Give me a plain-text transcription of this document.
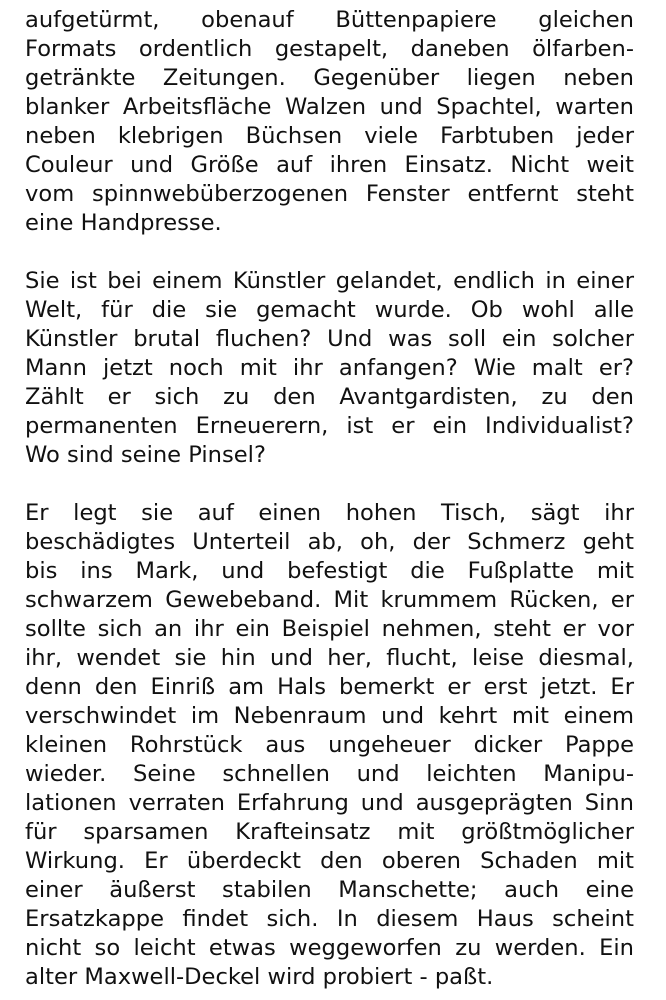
aufgetürmt, obenauf Büttenpapiere gleichen
Formats ordentlich gestapelt, daneben ölfarben-
getränkte Zeitungen. Gegenüber liegen neben
blanker Arbeitsfläche Walzen und Spachtel, warten
neben klebrigen Büchsen viele Farbtuben jeder
Couleur und Größe auf ihren Einsatz. Nicht weit
vom spinnwebüberzogenen Fenster entfernt steht
eine Handpresse.
Sie ist bei einem Künstler gelandet, endlich in einer
Welt, für die sie gemacht wurde. Ob wohl alle
Künstler brutal fluchen? Und was soll ein solcher
Mann jetzt noch mit ihr anfangen? Wie malt er?
Zählt er sich zu den Avantgardisten, zu den
permanenten Erneuerern, ist er ein Individualist?
Wo sind seine Pinsel?
Er legt sie auf einen hohen Tisch, sägt ihr
beschädigtes Unterteil ab, oh, der Schmerz geht
bis ins Mark, und befestigt die Fußplatte mit
schwarzem Gewebeband. Mit krummem Rücken, er
sollte sich an ihr ein Beispiel nehmen, steht er vor
ihr, wendet sie hin und her, flucht, leise diesmal,
denn den Einriß am Hals bemerkt er erst jetzt. Er
verschwindet im Nebenraum und kehrt mit einem
kleinen Rohrstück aus ungeheuer dicker Pappe
wieder. Seine schnellen und leichten Manipu-
lationen verraten Erfahrung und ausgeprägten Sinn
für sparsamen Krafteinsatz mit größtmöglicher
Wirkung. Er überdeckt den oberen Schaden mit
einer äußerst stabilen Manschette; auch eine
Ersatzkappe findet sich. In diesem Haus scheint
nicht so leicht etwas weggeworfen zu werden. Ein
alter Maxwell-Deckel wird probiert - paßt.
